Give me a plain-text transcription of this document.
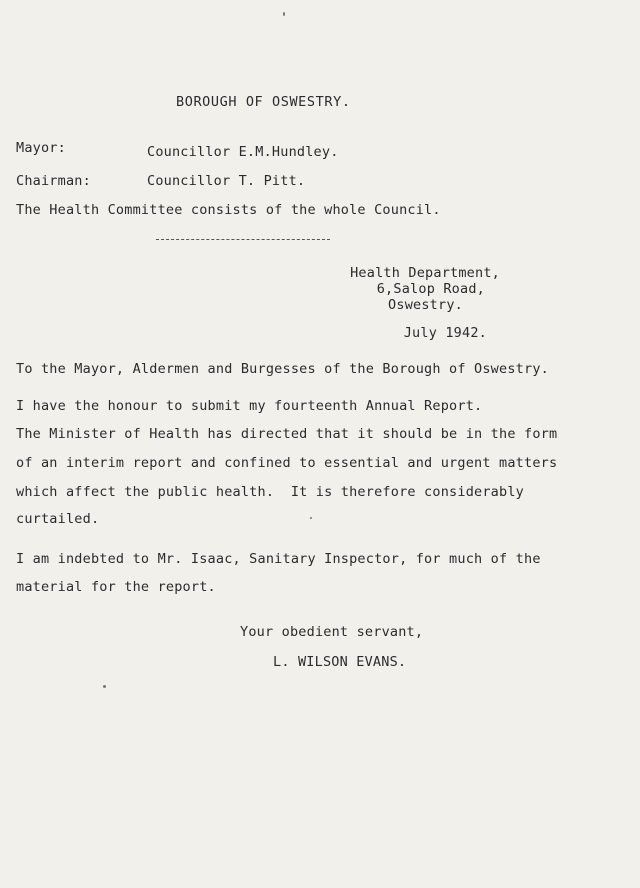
BOROUGH OF OSWESTRY.
Mayor:	Councillor E.M.Hundley.
Chairman:	Councillor T. Pitt.
The Health Committee consists of the whole Council.
Health Department,
6,Salop Road,
Oswestry.
July 1942.
To the Mayor, Aldermen and Burgesses of the Borough of Oswestry.
I have the honour to submit my fourteenth Annual Report.
The Minister of Health has directed that it should be in the form
of an interim report and confined to essential and urgent matters
which affect the public health.  It is therefore considerably
curtailed.
I am indebted to Mr. Isaac, Sanitary Inspector, for much of the
material for the report.
Your obedient servant,
L. WILSON EVANS.
